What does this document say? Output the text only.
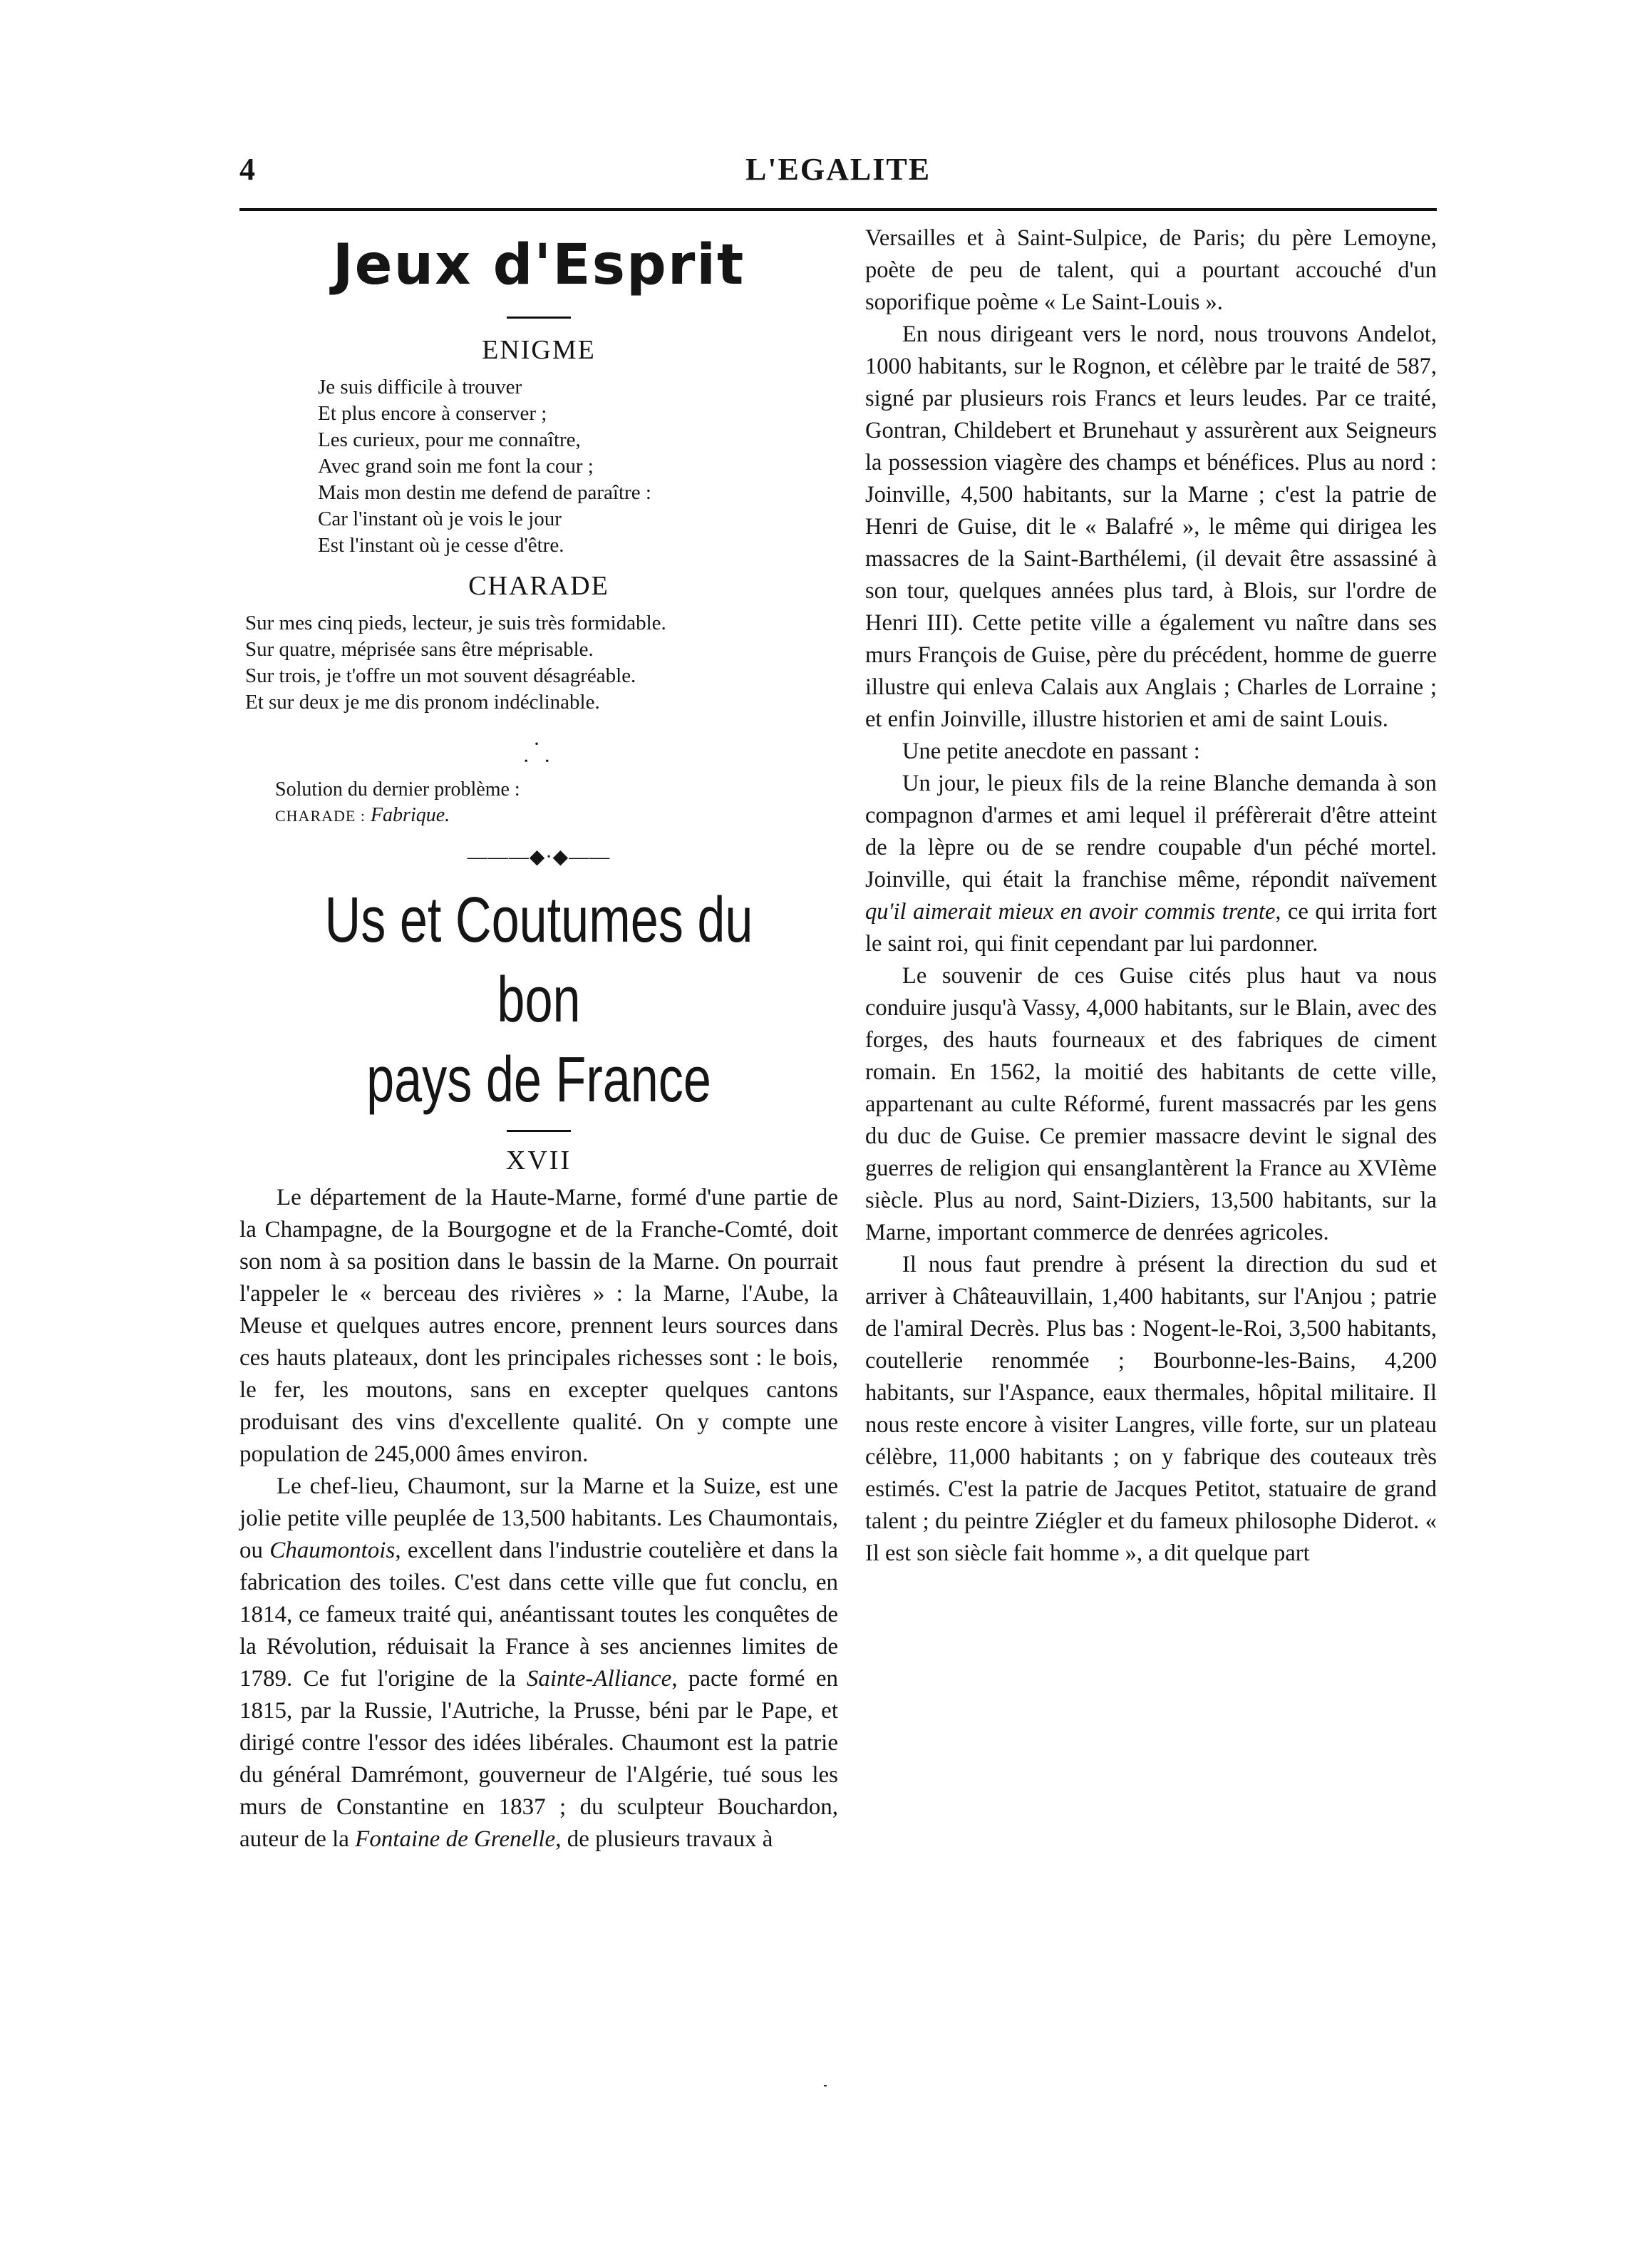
4	L'EGALITE
Jeux d'Esprit
ENIGME
Je suis difficile à trouver
Et plus encore à conserver ;
Les curieux, pour me connaître,
Avec grand soin me font la cour ;
Mais mon destin me defend de paraître :
Car l'instant où je vois le jour
Est l'instant où je cesse d'être.
CHARADE
Sur mes cinq pieds, lecteur, je suis très formidable.
Sur quatre, méprisée sans être méprisable.
Sur trois, je t'offre un mot souvent désagréable.
Et sur deux je me dis pronom indéclinable.
·
· ·
Solution du dernier problème :
CHARADE : Fabrique.
———◆·◆——
Us et Coutumes du bon
pays de France
XVII

Le département de la Haute-Marne, formé d'une partie de la Champagne, de la Bourgogne et de la Franche-Comté, doit son nom à sa position dans le bassin de la Marne. On pourrait l'appeler le « berceau des rivières » : la Marne, l'Aube, la Meuse et quelques autres encore, prennent leurs sources dans ces hauts plateaux, dont les principales richesses sont : le bois, le fer, les moutons, sans en excepter quelques cantons produisant des vins d'excellente qualité. On y compte une population de 245,000 âmes environ.

Le chef-lieu, Chaumont, sur la Marne et la Suize, est une jolie petite ville peuplée de 13,500 habitants. Les Chaumontais, ou Chaumontois, excellent dans l'industrie coutelière et dans la fabrication des toiles. C'est dans cette ville que fut conclu, en 1814, ce fameux traité qui, anéantissant toutes les conquêtes de la Révolution, réduisait la France à ses anciennes limites de 1789. Ce fut l'origine de la Sainte-Alliance, pacte formé en 1815, par la Russie, l'Autriche, la Prusse, béni par le Pape, et dirigé contre l'essor des idées libérales. Chaumont est la patrie du général Damrémont, gouverneur de l'Algérie, tué sous les murs de Constantine en 1837 ; du sculpteur Bouchardon, auteur de la Fontaine de Grenelle, de plusieurs travaux à

Versailles et à Saint-Sulpice, de Paris; du père Lemoyne, poète de peu de talent, qui a pourtant accouché d'un soporifique poème « Le Saint-Louis ».

En nous dirigeant vers le nord, nous trouvons Andelot, 1000 habitants, sur le Rognon, et célèbre par le traité de 587, signé par plusieurs rois Francs et leurs leudes. Par ce traité, Gontran, Childebert et Brunehaut y assurèrent aux Seigneurs la possession viagère des champs et bénéfices. Plus au nord : Joinville, 4,500 habitants, sur la Marne ; c'est la patrie de Henri de Guise, dit le « Balafré », le même qui dirigea les massacres de la Saint-Barthélemi, (il devait être assassiné à son tour, quelques années plus tard, à Blois, sur l'ordre de Henri III). Cette petite ville a également vu naître dans ses murs François de Guise, père du précédent, homme de guerre illustre qui enleva Calais aux Anglais ; Charles de Lorraine ; et enfin Joinville, illustre historien et ami de saint Louis.

Une petite anecdote en passant :

Un jour, le pieux fils de la reine Blanche demanda à son compagnon d'armes et ami lequel il préfèrerait d'être atteint de la lèpre ou de se rendre coupable d'un péché mortel. Joinville, qui était la franchise même, répondit naïvement qu'il aimerait mieux en avoir commis trente, ce qui irrita fort le saint roi, qui finit cependant par lui pardonner.

Le souvenir de ces Guise cités plus haut va nous conduire jusqu'à Vassy, 4,000 habitants, sur le Blain, avec des forges, des hauts fourneaux et des fabriques de ciment romain. En 1562, la moitié des habitants de cette ville, appartenant au culte Réformé, furent massacrés par les gens du duc de Guise. Ce premier massacre devint le signal des guerres de religion qui ensanglantèrent la France au XVIème siècle. Plus au nord, Saint-Diziers, 13,500 habitants, sur la Marne, important commerce de denrées agricoles.

Il nous faut prendre à présent la direction du sud et arriver à Châteauvillain, 1,400 habitants, sur l'Anjou ; patrie de l'amiral Decrès. Plus bas : Nogent-le-Roi, 3,500 habitants, coutellerie renommée ; Bourbonne-les-Bains, 4,200 habitants, sur l'Aspance, eaux thermales, hôpital militaire. Il nous reste encore à visiter Langres, ville forte, sur un plateau célèbre, 11,000 habitants ; on y fabrique des couteaux très estimés. C'est la patrie de Jacques Petitot, statuaire de grand talent ; du peintre Ziégler et du fameux philosophe Diderot. « Il est son siècle fait homme », a dit quelque part
